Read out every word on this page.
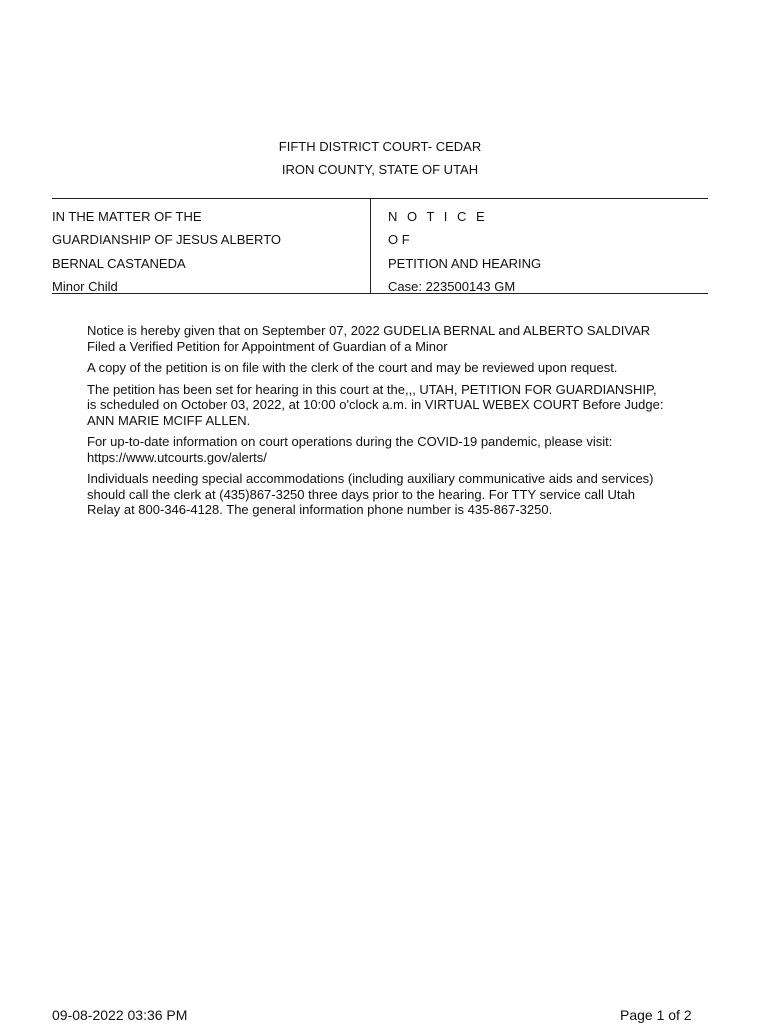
FIFTH DISTRICT COURT- CEDAR
IRON COUNTY, STATE OF UTAH
IN THE MATTER OF THE
GUARDIANSHIP OF JESUS ALBERTO
BERNAL CASTANEDA
Minor Child
N O T I C E
O F
PETITION AND HEARING
Case: 223500143 GM

Notice is hereby given that on September 07, 2022 GUDELIA BERNAL and ALBERTO SALDIVAR
Filed a Verified Petition for Appointment of Guardian of a Minor

A copy of the petition is on file with the clerk of the court and may be reviewed upon request.

The petition has been set for hearing in this court at the,,, UTAH, PETITION FOR GUARDIANSHIP,
is scheduled on October 03, 2022, at 10:00 o'clock a.m. in VIRTUAL WEBEX COURT Before Judge:
ANN MARIE MCIFF ALLEN.

For up-to-date information on court operations during the COVID-19 pandemic, please visit:
https://www.utcourts.gov/alerts/

Individuals needing special accommodations (including auxiliary communicative aids and services)
should call the clerk at (435)867-3250 three days prior to the hearing. For TTY service call Utah
Relay at 800-346-4128. The general information phone number is 435-867-3250.

09-08-2022 03:36 PM	Page 1 of 2
